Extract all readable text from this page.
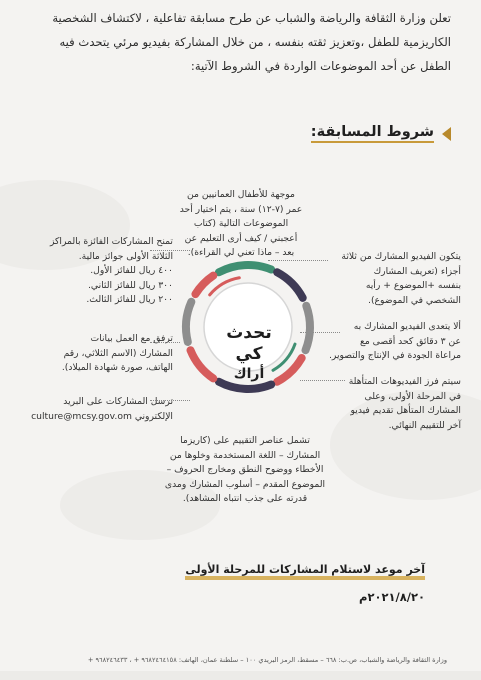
تعلن وزارة الثقافة والرياضة والشباب عن طرح مسابقة تفاعلية ، لاكتشاف الشخصية
الكاريزمية للطفل ،وتعزيز ثقته بنفسه ، من خلال المشاركة بفيديو مرئي يتحدث فيه
الطفل عن أحد الموضوعات الواردة في الشروط الآتية:
شروط المسابقة:
موجهة للأطفال العمانيين من
عمر (٧-١٢) سنة ، يتم اختيار أحد
الموضوعات التالية (كتاب
أعجبني / كيف أرى التعليم عن
بعد – ماذا تعني لي القراءة).	يتكون الفيديو المشارك من ثلاثة
أجزاء (تعريف المشارك
بنفسه +الموضوع + رأيه
الشخصي في الموضوع).
ألا يتعدى الفيديو المشارك به
عن ٣ دقائق كحد أقصى مع
مراعاة الجودة في الإنتاج والتصوير.
سيتم فرز الفيديوهات المتأهلة
في المرحلة الأولى، وعلى
المشارك المتأهل تقديم فيديو
آخر للتقييم النهائي.
تمنح المشاركات الفائزة بالمراكز
الثلاثة الأولى جوائز مالية.
٤٠٠ ريال للفائز الأول.
٣٠٠ ريال للفائز الثاني.
٢٠٠ ريال للفائز الثالث.
ترفق مع العمل بيانات
المشارك (الاسم الثلاثي، رقم
الهاتف، صورة شهادة الميلاد).
ترسل المشاركات على البريد
الإلكتروني culture@mcsy.gov.om
تشمل عناصر التقييم على (كاريزما
المشارك – اللغة المستخدمة وخلوها من
الأخطاء ووضوح النطق ومخارج الحروف –
الموضوع المقدم – أسلوب المشارك ومدى
قدرته على جذب انتباه المشاهد).
تحدث كي
أراك
آخر موعد لاستلام المشاركات للمرحلة الأولى
٢٠٢١/٨/٢٠م
وزارة الثقافة والرياضة والشباب، ص.ب: ٦٦٨ – مسقط، الرمز البريدي ١٠٠ – سلطنة عمان، الهاتف: ٩٦٨٢٤٦٤١٥٨ + ، ٩٦٨٢٤٦٤٣٣ +
